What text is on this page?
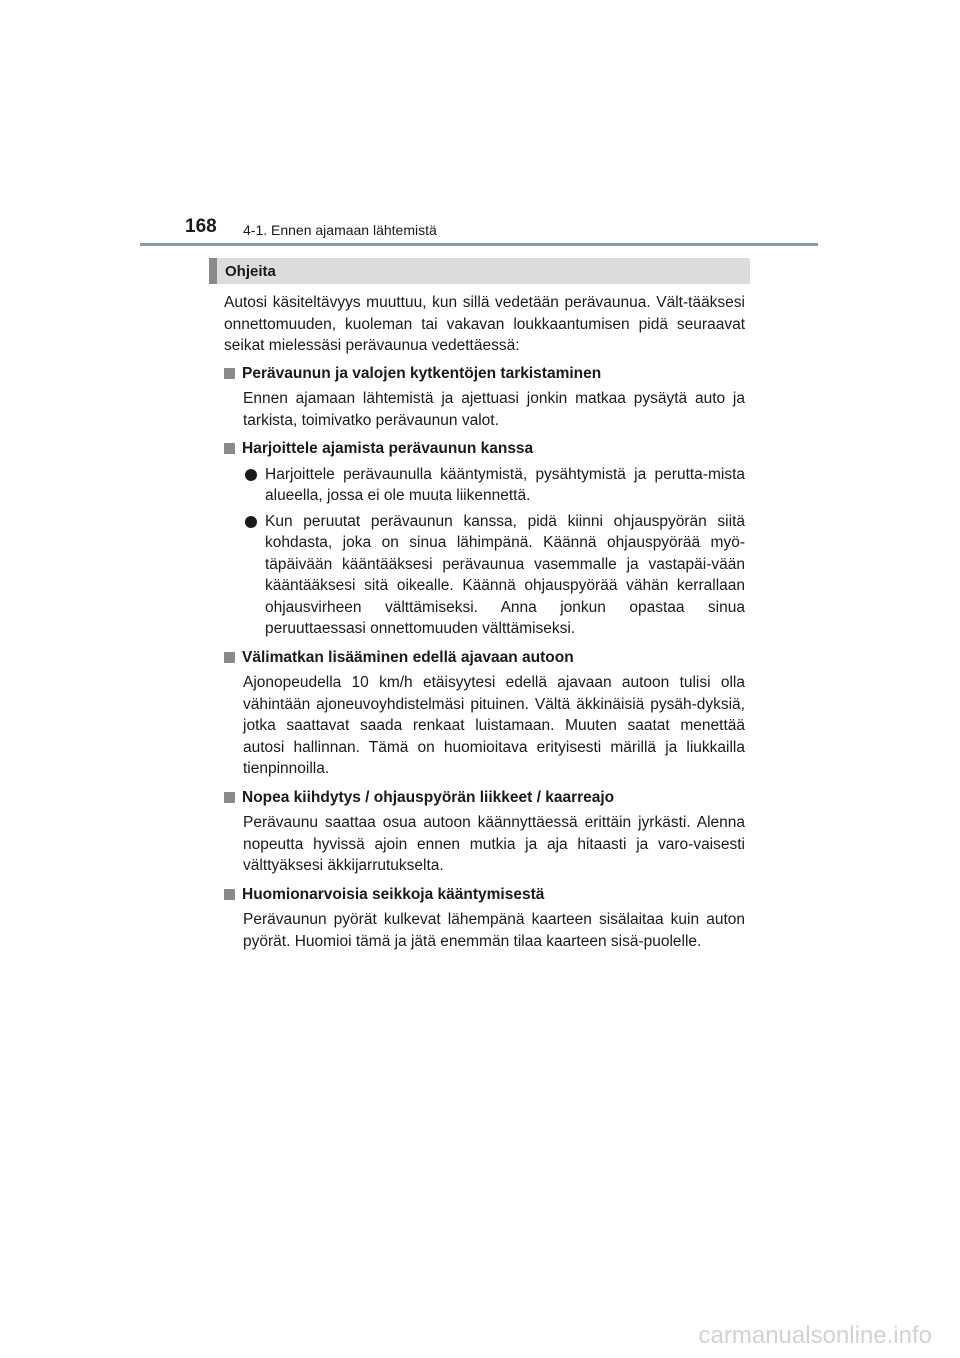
168 4-1. Ennen ajamaan lähtemistä
Ohjeita

Autosi käsiteltävyys muuttuu, kun sillä vedetään perävaunua. Vält-tääksesi onnettomuuden, kuoleman tai vakavan loukkaantumisen pidä seuraavat seikat mielessäsi perävaunua vedettäessä:

Perävaunun ja valojen kytkentöjen tarkistaminen

Ennen ajamaan lähtemistä ja ajettuasi jonkin matkaa pysäytä auto ja tarkista, toimivatko perävaunun valot.

Harjoittele ajamista perävaunun kanssa
Harjoittele perävaunulla kääntymistä, pysähtymistä ja perutta-mista alueella, jossa ei ole muuta liikennettä.
Kun peruutat perävaunun kanssa, pidä kiinni ohjauspyörän siitä kohdasta, joka on sinua lähimpänä. Käännä ohjauspyörää myö-täpäivään kääntääksesi perävaunua vasemmalle ja vastapäi-vään kääntääksesi sitä oikealle. Käännä ohjauspyörää vähän kerrallaan ohjausvirheen välttämiseksi. Anna jonkun opastaa sinua peruuttaessasi onnettomuuden välttämiseksi.
Välimatkan lisääminen edellä ajavaan autoon

Ajonopeudella 10 km/h etäisyytesi edellä ajavaan autoon tulisi olla vähintään ajoneuvoyhdistelmäsi pituinen. Vältä äkkinäisiä pysäh-dyksiä, jotka saattavat saada renkaat luistamaan. Muuten saatat menettää autosi hallinnan. Tämä on huomioitava erityisesti märillä ja liukkailla tienpinnoilla.

Nopea kiihdytys / ohjauspyörän liikkeet / kaarreajo

Perävaunu saattaa osua autoon käännyttäessä erittäin jyrkästi. Alenna nopeutta hyvissä ajoin ennen mutkia ja aja hitaasti ja varo-vaisesti välttyäksesi äkkijarrutukselta.

Huomionarvoisia seikkoja kääntymisestä

Perävaunun pyörät kulkevat lähempänä kaarteen sisälaitaa kuin auton pyörät. Huomioi tämä ja jätä enemmän tilaa kaarteen sisä-puolelle.

carmanualsonline.info
